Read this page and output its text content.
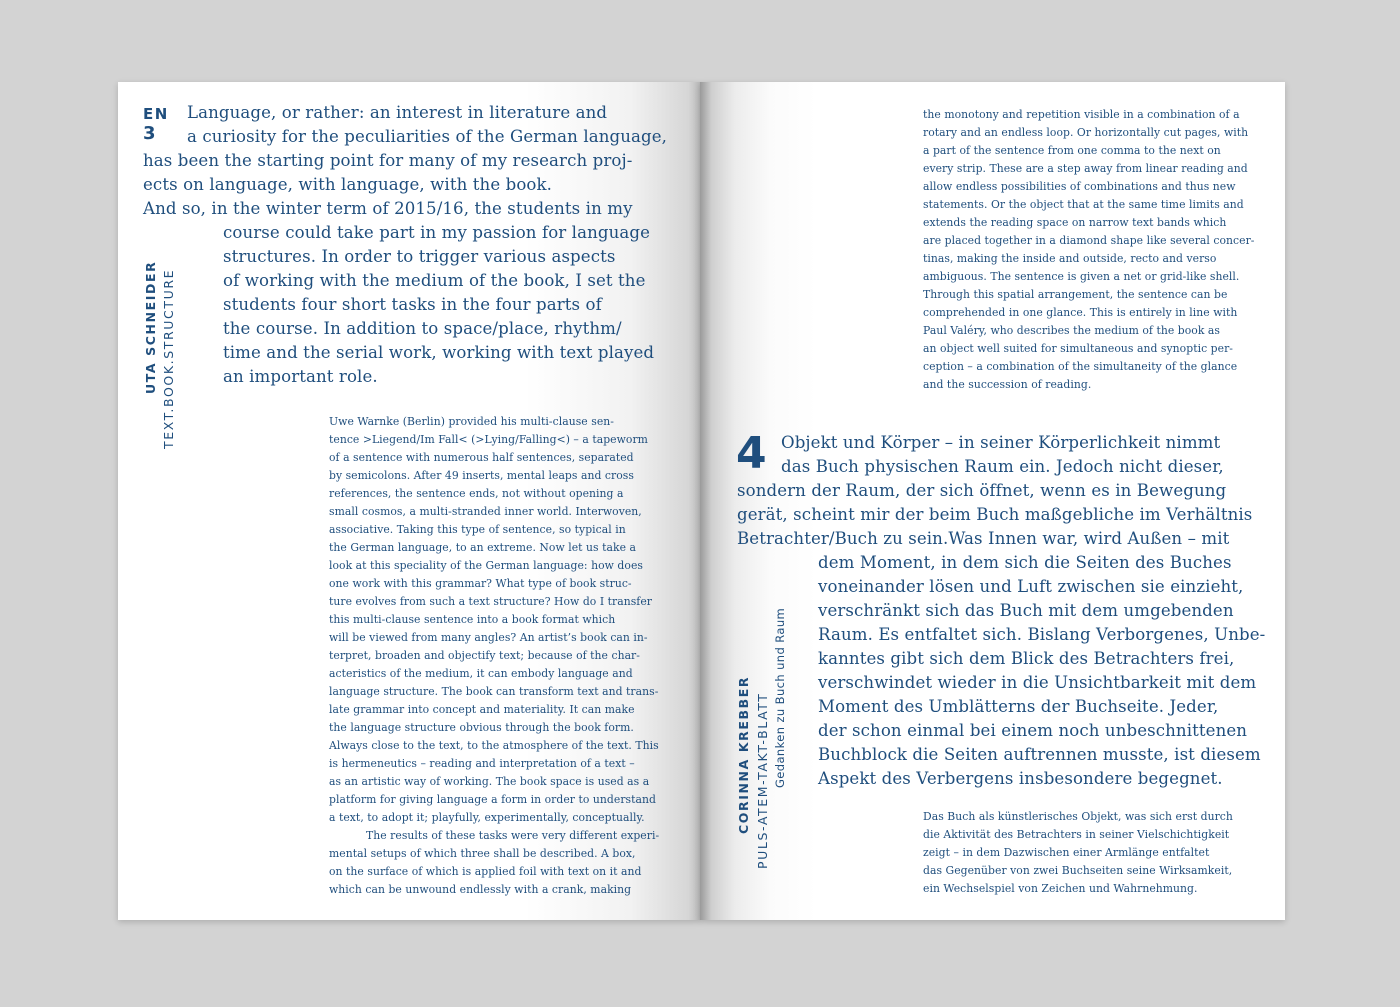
EN
3
UTA SCHNEIDER TEXT.BOOK.STRUCTURE
Language, or rather: an interest in literature and
a curiosity for the peculiarities of the German language,
has been the starting point for many of my research proj-
ects on language, with language, with the book.
And so, in the winter term of 2015/16, the students in my
course could take part in my passion for language
structures. In order to trigger various aspects
of working with the medium of the book, I set the
students four short tasks in the four parts of
the course. In addition to space/place, rhythm/
time and the serial work, working with text played
an important role.
Uwe Warnke (Berlin) provided his multi-clause sen-
tence >Liegend/Im Fall< (>Lying/Falling<) – a tapeworm
of a sentence with numerous half sentences, separated
by semicolons. After 49 inserts, mental leaps and cross
references, the sentence ends, not without opening a
small cosmos, a multi-stranded inner world. Interwoven,
associative. Taking this type of sentence, so typical in
the German language, to an extreme. Now let us take a
look at this speciality of the German language: how does
one work with this grammar? What type of book struc-
ture evolves from such a text structure? How do I transfer
this multi-clause sentence into a book format which
will be viewed from many angles? An artist’s book can in-
terpret, broaden and objectify text; because of the char-
acteristics of the medium, it can embody language and
language structure. The book can transform text and trans-
late grammar into concept and materiality. It can make
the language structure obvious through the book form.
Always close to the text, to the atmosphere of the text. This
is hermeneutics – reading and interpretation of a text –
as an artistic way of working. The book space is used as a
platform for giving language a form in order to understand
a text, to adopt it; playfully, experimentally, conceptually.
The results of these tasks were very different experi-
mental setups of which three shall be described. A box,
on the surface of which is applied foil with text on it and
which can be unwound endlessly with a crank, making
the monotony and repetition visible in a combination of a
rotary and an endless loop. Or horizontally cut pages, with
a part of the sentence from one comma to the next on
every strip. These are a step away from linear reading and
allow endless possibilities of combinations and thus new
statements. Or the object that at the same time limits and
extends the reading space on narrow text bands which
are placed together in a diamond shape like several concer-
tinas, making the inside and outside, recto and verso
ambiguous. The sentence is given a net or grid-like shell.
Through this spatial arrangement, the sentence can be
comprehended in one glance. This is entirely in line with
Paul Valéry, who describes the medium of the book as
an object well suited for simultaneous and synoptic per-
ception – a combination of the simultaneity of the glance
and the succession of reading.
4
CORINNA KREBBER PULS-ATEM-TAKT-BLATT Gedanken zu Buch und Raum
Objekt und Körper – in seiner Körperlichkeit nimmt
das Buch physischen Raum ein. Jedoch nicht dieser,
sondern der Raum, der sich öffnet, wenn es in Bewegung
gerät, scheint mir der beim Buch maßgebliche im Verhältnis
Betrachter/Buch zu sein.Was Innen war, wird Außen – mit
dem Moment, in dem sich die Seiten des Buches
voneinander lösen und Luft zwischen sie einzieht,
verschränkt sich das Buch mit dem umgebenden
Raum. Es entfaltet sich. Bislang Verborgenes, Unbe-
kanntes gibt sich dem Blick des Betrachters frei,
verschwindet wieder in die Unsichtbarkeit mit dem
Moment des Umblätterns der Buchseite. Jeder,
der schon einmal bei einem noch unbeschnittenen
Buchblock die Seiten auftrennen musste, ist diesem
Aspekt des Verbergens insbesondere begegnet.
Das Buch als künstlerisches Objekt, was sich erst durch
die Aktivität des Betrachters in seiner Vielschichtigkeit
zeigt – in dem Dazwischen einer Armlänge entfaltet
das Gegenüber von zwei Buchseiten seine Wirksamkeit,
ein Wechselspiel von Zeichen und Wahrnehmung.
